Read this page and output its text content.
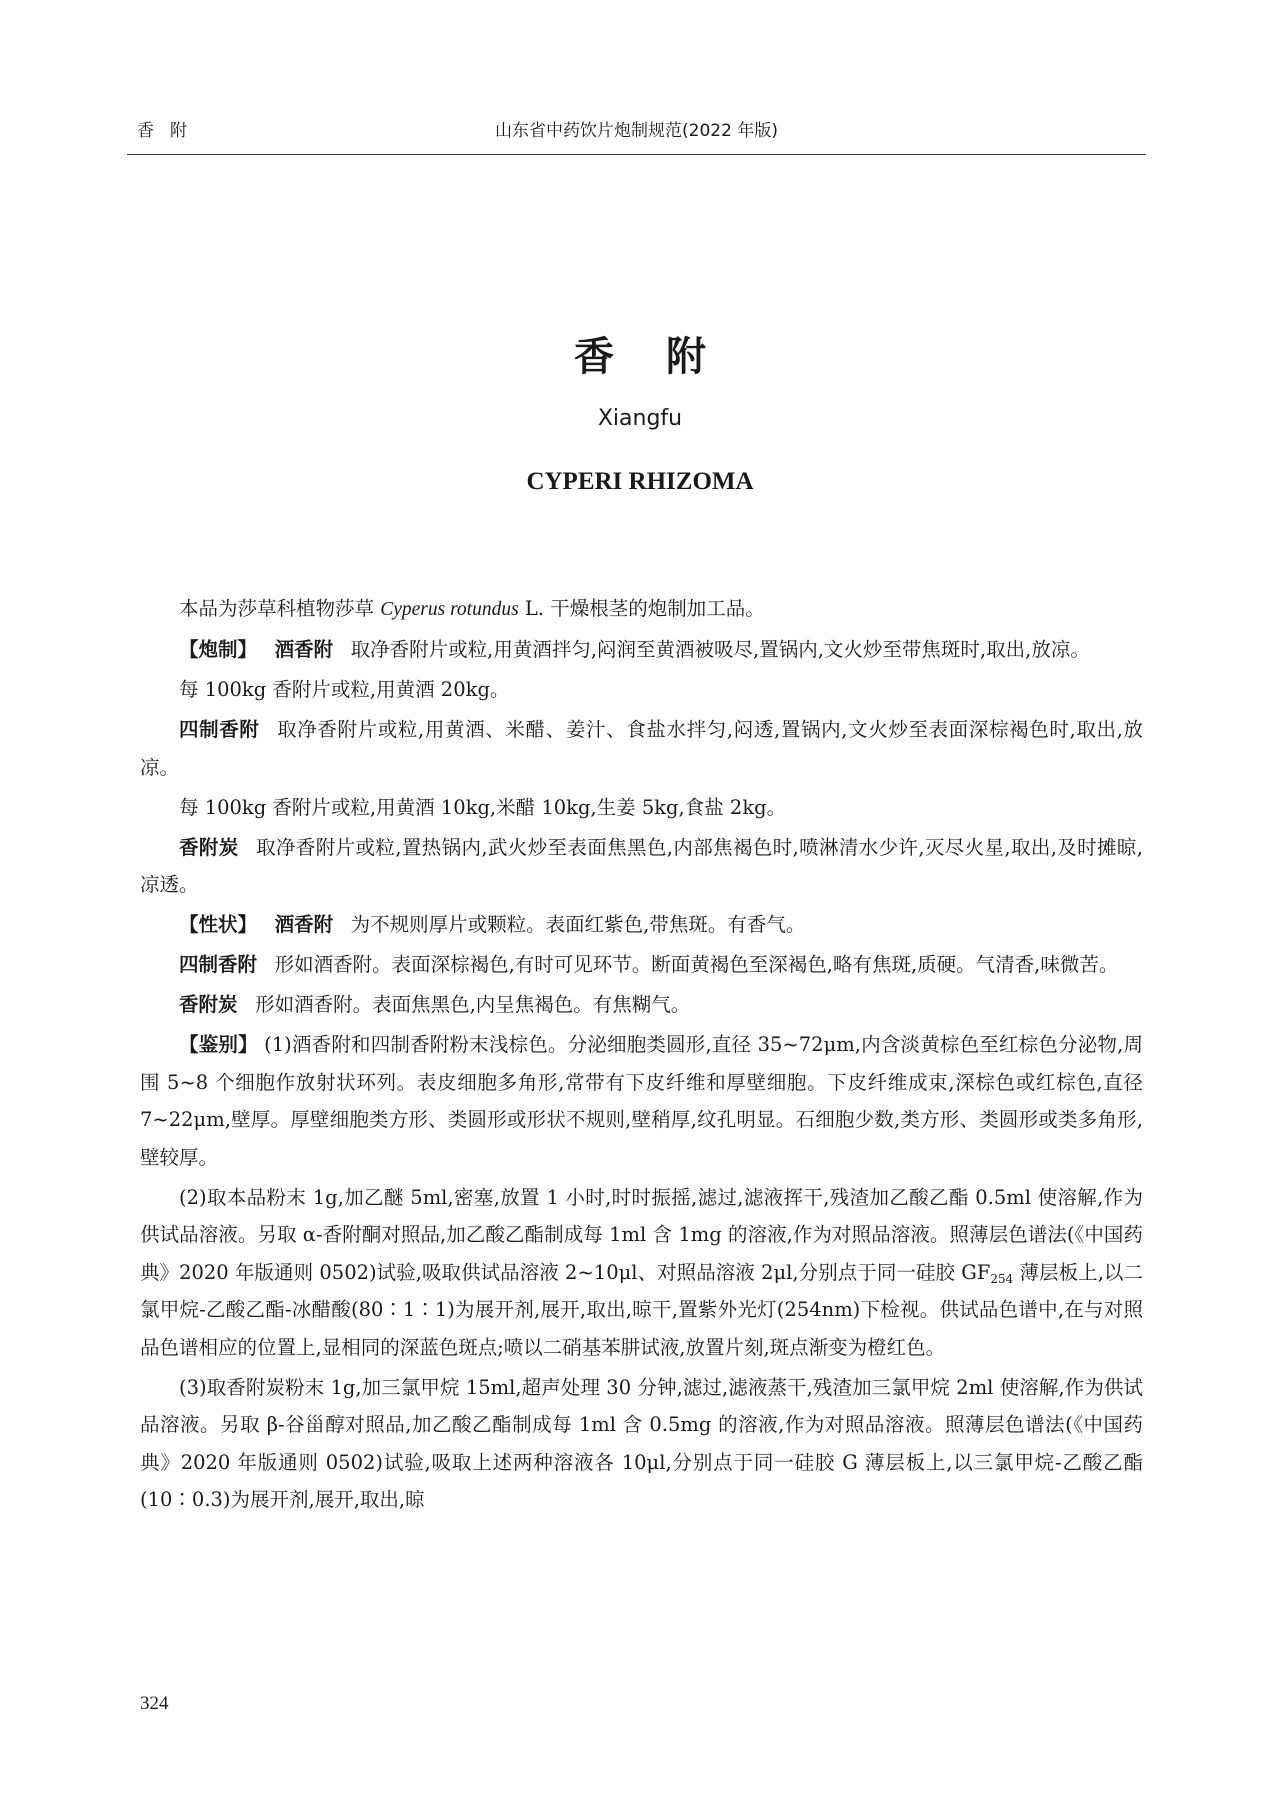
香附	山东省中药饮片炮制规范(2022 年版)
香附
Xiangfu
CYPERI RHIZOMA

本品为莎草科植物莎草 Cyperus rotundus L. 干燥根茎的炮制加工品。

【炮制】 酒香附 取净香附片或粒,用黄酒拌匀,闷润至黄酒被吸尽,置锅内,文火炒至带焦斑时,取出,放凉。

每 100kg 香附片或粒,用黄酒 20kg。

四制香附 取净香附片或粒,用黄酒、米醋、姜汁、食盐水拌匀,闷透,置锅内,文火炒至表面深棕褐色时,取出,放凉。

每 100kg 香附片或粒,用黄酒 10kg,米醋 10kg,生姜 5kg,食盐 2kg。

香附炭 取净香附片或粒,置热锅内,武火炒至表面焦黑色,内部焦褐色时,喷淋清水少许,灭尽火星,取出,及时摊晾,凉透。

【性状】 酒香附 为不规则厚片或颗粒。表面红紫色,带焦斑。有香气。

四制香附 形如酒香附。表面深棕褐色,有时可见环节。断面黄褐色至深褐色,略有焦斑,质硬。气清香,味微苦。

香附炭 形如酒香附。表面焦黑色,内呈焦褐色。有焦糊气。

【鉴别】 (1)酒香附和四制香附粉末浅棕色。分泌细胞类圆形,直径 35~72μm,内含淡黄棕色至红棕色分泌物,周围 5~8 个细胞作放射状环列。表皮细胞多角形,常带有下皮纤维和厚壁细胞。下皮纤维成束,深棕色或红棕色,直径 7~22μm,壁厚。厚壁细胞类方形、类圆形或形状不规则,壁稍厚,纹孔明显。石细胞少数,类方形、类圆形或类多角形,壁较厚。

(2)取本品粉末 1g,加乙醚 5ml,密塞,放置 1 小时,时时振摇,滤过,滤液挥干,残渣加乙酸乙酯 0.5ml 使溶解,作为供试品溶液。另取 α-香附酮对照品,加乙酸乙酯制成每 1ml 含 1mg 的溶液,作为对照品溶液。照薄层色谱法(《中国药典》2020 年版通则 0502)试验,吸取供试品溶液 2~10μl、对照品溶液 2μl,分别点于同一硅胶 $GF_{254}$ 薄层板上,以二氯甲烷-乙酸乙酯-冰醋酸(80∶1∶1)为展开剂,展开,取出,晾干,置紫外光灯(254nm)下检视。供试品色谱中,在与对照品色谱相应的位置上,显相同的深蓝色斑点;喷以二硝基苯肼试液,放置片刻,斑点渐变为橙红色。

(3)取香附炭粉末 1g,加三氯甲烷 15ml,超声处理 30 分钟,滤过,滤液蒸干,残渣加三氯甲烷 2ml 使溶解,作为供试品溶液。另取 β-谷甾醇对照品,加乙酸乙酯制成每 1ml 含 0.5mg 的溶液,作为对照品溶液。照薄层色谱法(《中国药典》2020 年版通则 0502)试验,吸取上述两种溶液各 10μl,分别点于同一硅胶 G 薄层板上,以三氯甲烷-乙酸乙酯(10∶0.3)为展开剂,展开,取出,晾

324
